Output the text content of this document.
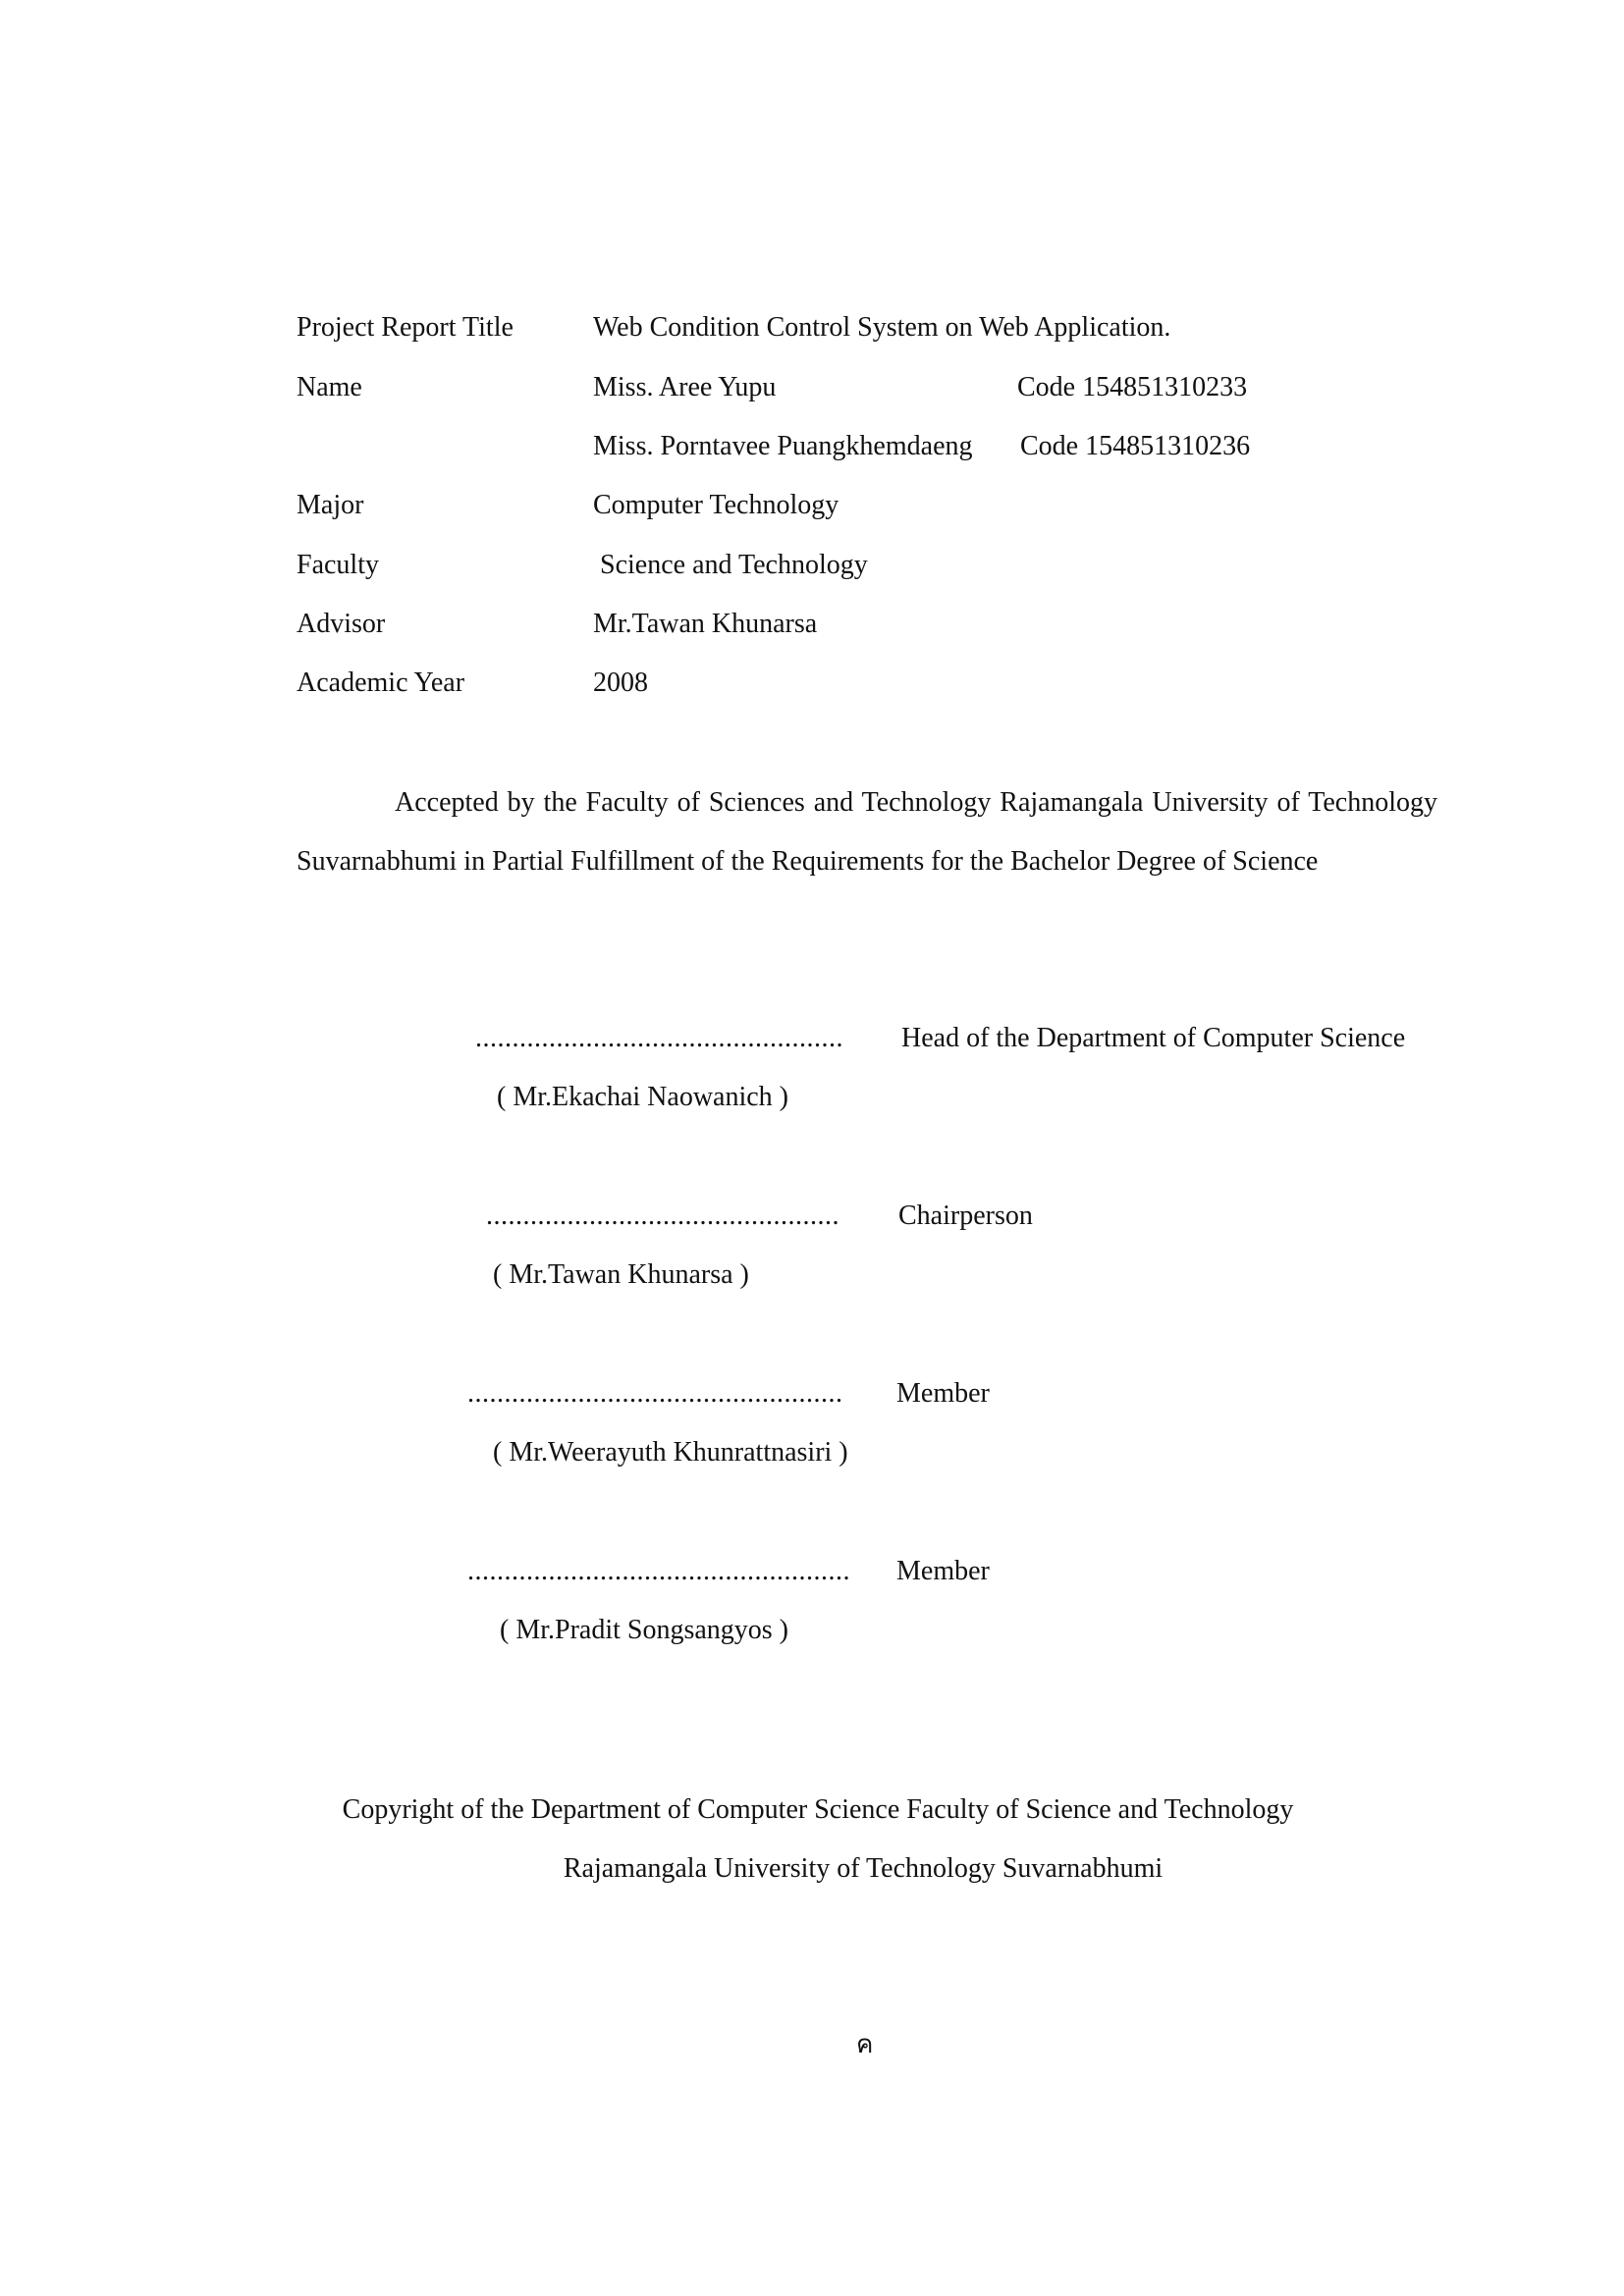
Project Report Title	Web Condition Control System on Web Application.
Name	Miss. Aree Yupu	Code 154851310233
Miss. Porntavee Puangkhemdaeng Code 154851310236
Major	Computer Technology
Faculty	Science and Technology
Advisor	Mr.Tawan Khunarsa
Academic Year	2008
Accepted by the Faculty of Sciences and Technology Rajamangala University of Technology Suvarnabhumi in Partial Fulfillment of the Requirements for the Bachelor Degree of Science
.................................................. Head of the Department of Computer Science
( Mr.Ekachai Naowanich )
................................................ Chairperson
( Mr.Tawan Khunarsa )
................................................... Member
( Mr.Weerayuth Khunrattnasiri )
.................................................... Member
( Mr.Pradit Songsangyos )
Copyright of the Department of Computer Science Faculty of Science and Technology
Rajamangala University of Technology Suvarnabhumi
ค
